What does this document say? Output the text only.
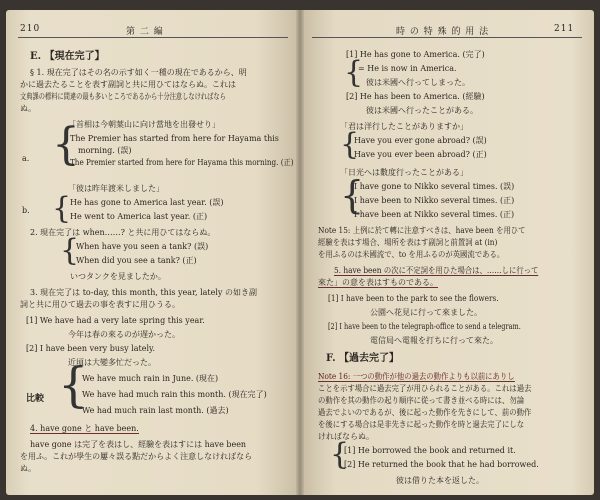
210	第 二 編
E. 【現在完了】
§ 1. 現在完了はその名の示す如く一種の現在であるから、明
かに過去たることを表す副詞と共に用ひてはならぬ。これは
文典課の標料に間違の最も多いところであるから十分注意しなければなら
ぬ。
「首相は今朝葉山に向け當地を出發せり」
{
a.
The Premier has started from here for Hayama this
morning. (誤)
The Premier started from here for Hayama this morning. (正)
「彼は昨年渡米しました」
{
b.
He has gone to America last year. (誤)
He went to America last year. (正)
2. 現在完了は when……? と共に用ひてはならぬ。
{
When have you seen a tank? (誤)
When did you see a tank? (正)
いつタンクを見ましたか。
3. 現在完了は to-day, this month, this year, lately の如き副
詞と共に用ひて過去の事を表すに用ひうる。
[1] We have had a very late spring this year.
今年は春の來るのが遅かった。
[2] I have been very busy lately.
近頃は大變多忙だった。
{
比較
We have much rain in June. (現在)
We have had much rain this month. (現在完了)
We had much rain last month. (過去)
4. have gone と have been.
have gone は完了を表はし、經驗を表はすには have been
を用ふ。これが學生の屢々誤る點だからよく注意しなければなら
ぬ。
時 の 特 殊 的 用 法	211
[1] He has gone to America. (完了)
{
= He is now in America.
彼は米國へ行ってしまった。
[2] He has been to America. (經驗)
彼は米國へ行ったことがある。
「君は洋行したことがありますか」
{
Have you ever gone abroad? (誤)
Have you ever been abroad? (正)
「日光へは數度行ったことがある」
{
I have gone to Nikko several times. (誤)
I have been to Nikko several times. (正)
I have been at Nikko several times. (正)
Note 15: 上例に於て轉に注意すべきは、have been を用ひて
經驗を表はす場合、場所を表はす副詞と前置詞 at (in)
を用ふるのは米國流で、to を用ふるのが英國流である。
5. have been の次に不定詞を用ひた場合は、……しに行って
來た」の意を表はすものである。
[1] I have been to the park to see the flowers.
公園へ花見に行って來ました。
[2] I have been to the telegraph-office to send a telegram.
電信局へ電報を打ちに行って來た。
F. 【過去完了】
Note 16: 一つの動作が他の過去の動作よりも以前にありし
ことを示す場合に過去完了が用ひられることがある。これは過去
の動作を其の動作の起り順序に從って書き並べる時には、勿論
過去でよいのであるが、後に起った動作を先きにして、前の動作
を後にする場合は是非先きに起った動作を時と過去完了にしな
ければならぬ。
{
[1] He borrowed the book and returned it.
[2] He returned the book that he had borrowed.
彼は借りた本を返した。
